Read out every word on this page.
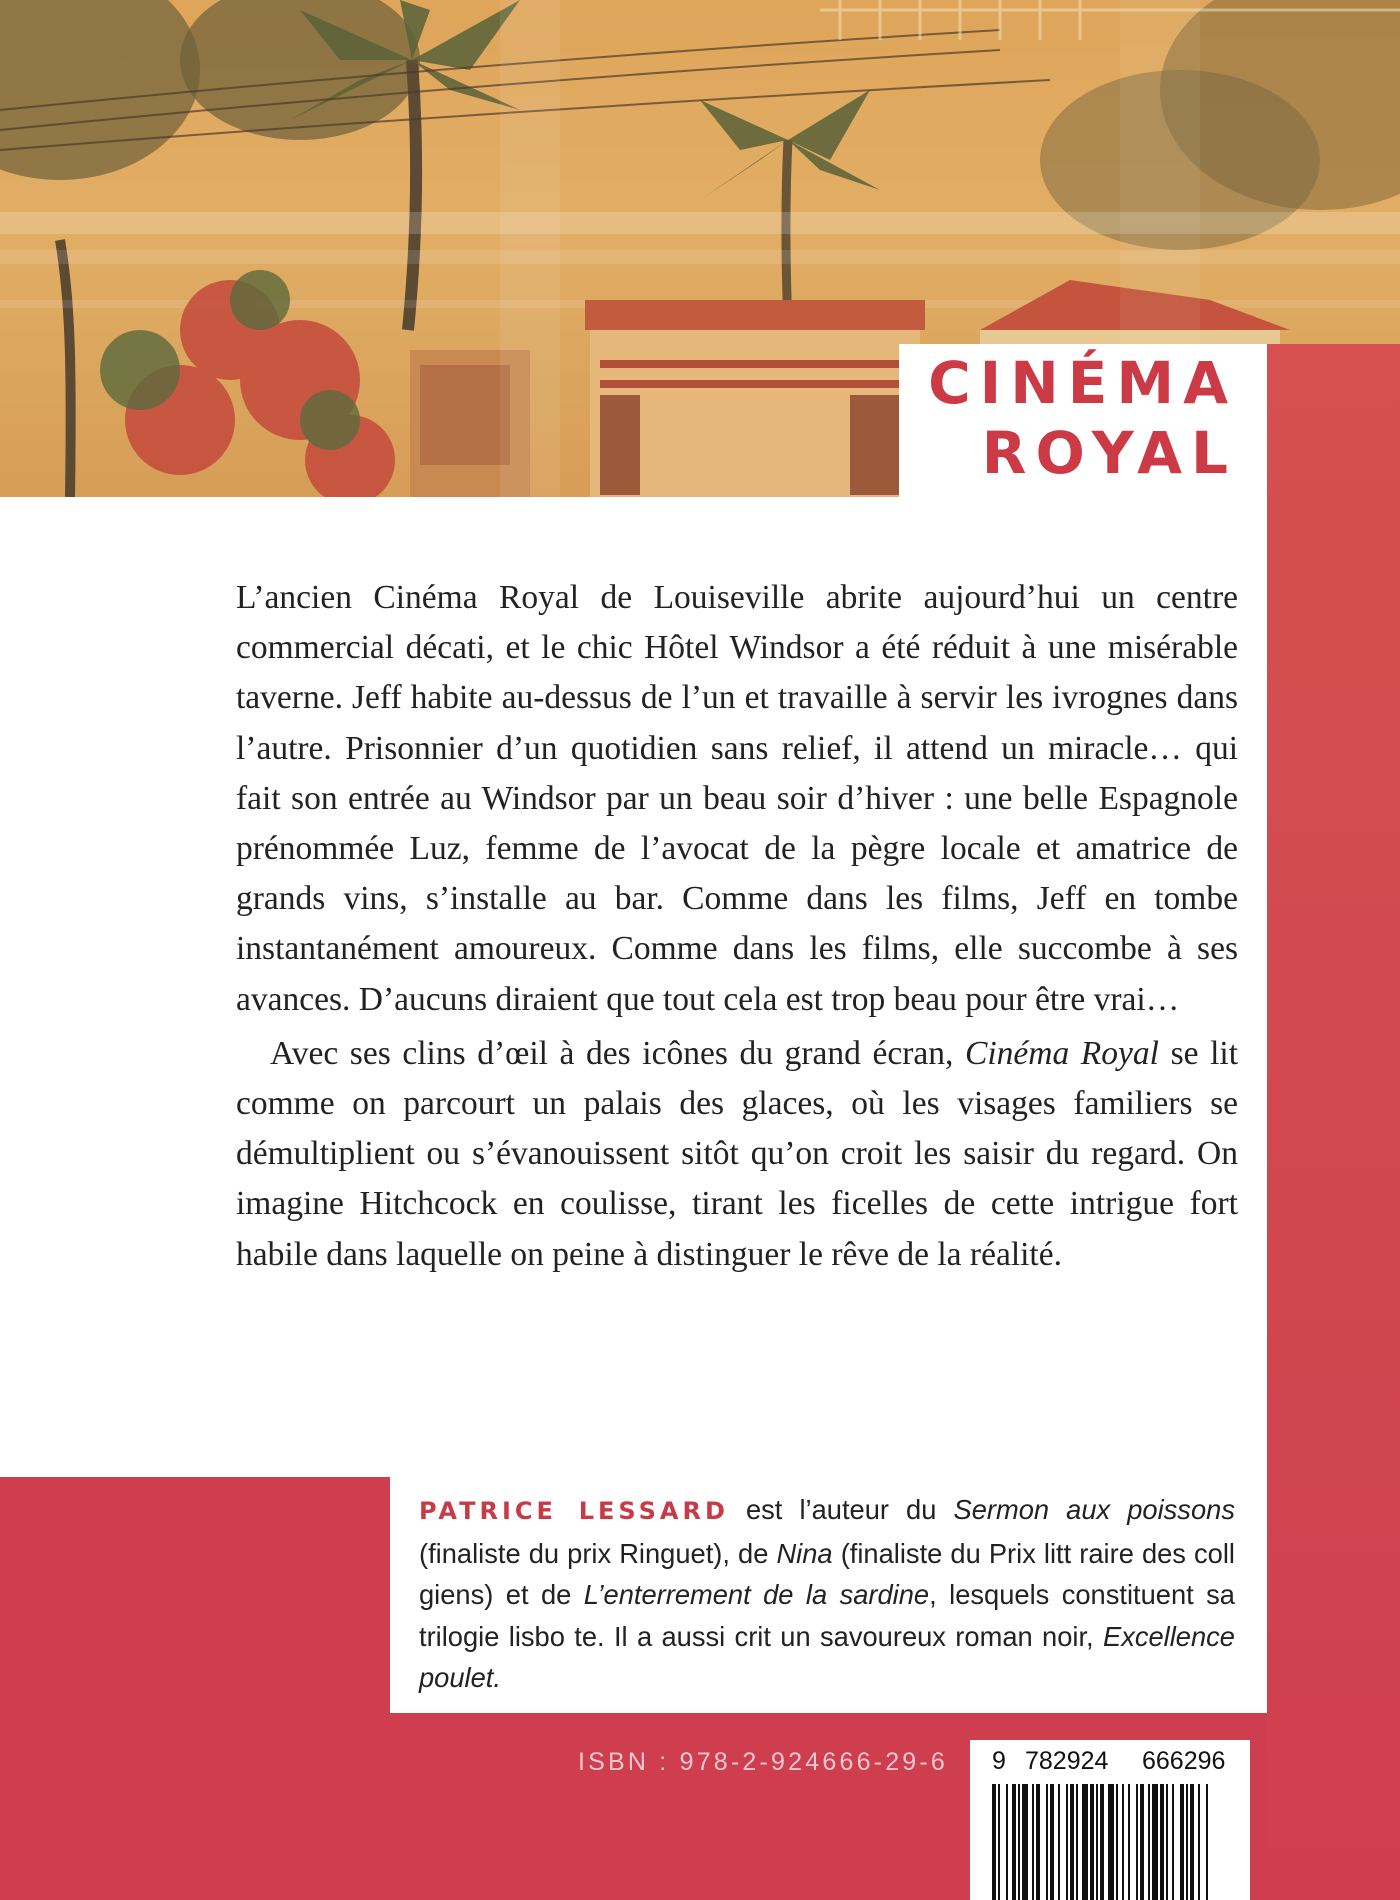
CINÉMA
ROYAL

L’ancien Cinéma Royal de Louiseville abrite aujourd’hui un centre commercial décati, et le chic Hôtel Windsor a été réduit à une misérable taverne. Jeff habite au-dessus de l’un et travaille à servir les ivrognes dans l’autre. Prisonnier d’un quotidien sans relief, il attend un miracle… qui fait son entrée au Windsor par un beau soir d’hiver : une belle Espagnole prénommée Luz, femme de l’avocat de la pègre locale et amatrice de grands vins, s’installe au bar. Comme dans les films, Jeff en tombe instantanément amoureux. Comme dans les films, elle succombe à ses avances. D’aucuns diraient que tout cela est trop beau pour être vrai…

Avec ses clins d’œil à des icônes du grand écran, Cinéma Royal se lit comme on parcourt un palais des glaces, où les visages familiers se démultiplient ou s’évanouissent sitôt qu’on croit les saisir du regard. On imagine Hitchcock en coulisse, tirant les ficelles de cette intrigue fort habile dans laquelle on peine à distinguer le rêve de la réalité.

PATRICE LESSARD est l’auteur du Sermon aux poissons (finaliste du prix Ringuet), de Nina (finaliste du Prix litt raire des coll giens) et de L’enterrement de la sardine, lesquels constituent sa trilogie lisbo te. Il a aussi crit un savoureux roman noir, Excellence poulet.

ISBN : 978-2-924666-29-6 9 782924 666296
